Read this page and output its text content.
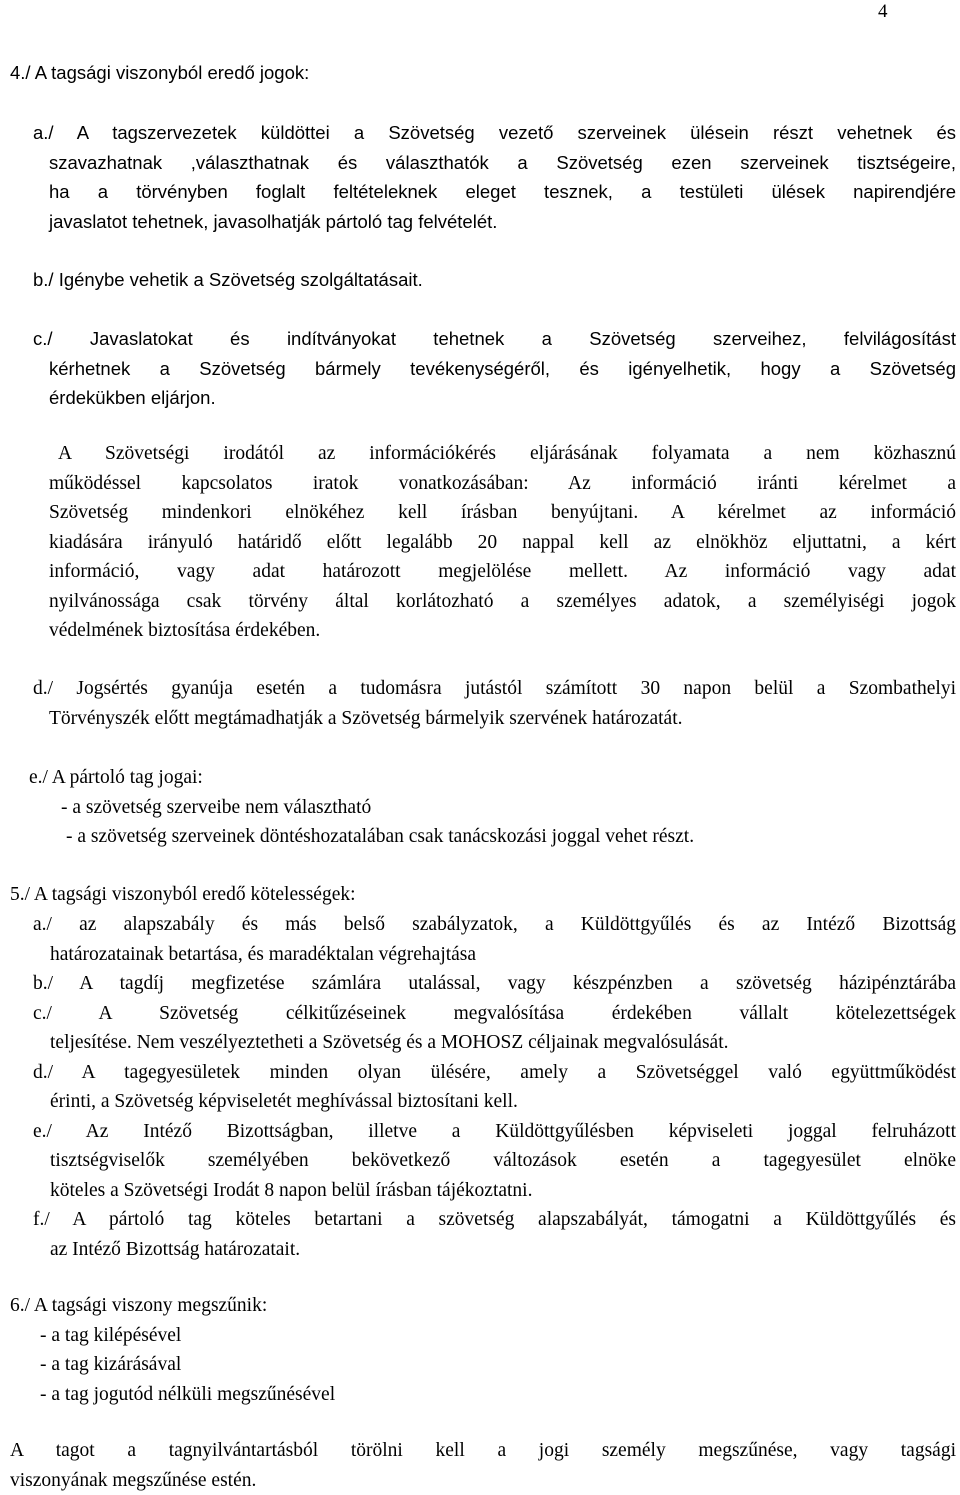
4

4./ A tagsági viszonyból eredő jogok:

a./ A tagszervezetek küldöttei a Szövetség vezető szerveinek ülésein részt vehetnek és
szavazhatnak ,választhatnak és választhatók a Szövetség ezen szerveinek tisztségeire,
ha a törvényben foglalt feltételeknek eleget tesznek, a testületi ülések napirendjére
javaslatot tehetnek, javasolhatják pártoló tag felvételét.

b./ Igénybe vehetik a Szövetség szolgáltatásait.

c./ Javaslatokat és indítványokat tehetnek a Szövetség szerveihez, felvilágosítást
kérhetnek a Szövetség bármely tevékenységéről, és igényelhetik, hogy a Szövetség
érdekükben eljárjon.
A Szövetségi irodától az információkérés eljárásának folyamata a nem közhasznú
működéssel kapcsolatos iratok vonatkozásában: Az információ iránti kérelmet a
Szövetség mindenkori elnökéhez kell írásban benyújtani. A kérelmet az információ
kiadására irányuló határidő előtt legalább 20 nappal kell az elnökhöz eljuttatni, a kért
információ, vagy adat határozott megjelölése mellett. Az információ vagy adat
nyilvánossága csak törvény által korlátozható a személyes adatok, a személyiségi jogok
védelmének biztosítása érdekében.
d./ Jogsértés gyanúja esetén a tudomásra jutástól számított 30 napon belül a Szombathelyi
Törvényszék előtt megtámadhatják a Szövetség bármelyik szervének határozatát.
e./ A pártoló tag jogai:
- a szövetség szerveibe nem választható
- a szövetség szerveinek döntéshozatalában csak tanácskozási joggal vehet részt.

5./ A tagsági viszonyból eredő kötelességek:

a./ az alapszabály és más belső szabályzatok, a Küldöttgyűlés és az Intéző Bizottság
határozatainak betartása, és maradéktalan végrehajtása
b./ A tagdíj megfizetése számlára utalással, vagy készpénzben a szövetség házipénztárába
c./ A Szövetség célkitűzéseinek megvalósítása érdekében vállalt kötelezettségek
teljesítése. Nem veszélyeztetheti a Szövetség és a MOHOSZ céljainak megvalósulását.
d./ A tagegyesületek minden olyan ülésére, amely a Szövetséggel való együttműködést
érinti, a Szövetség képviseletét meghívással biztosítani kell.
e./ Az Intéző Bizottságban, illetve a Küldöttgyűlésben képviseleti joggal felruházott
tisztségviselők személyében bekövetkező változások esetén a tagegyesület elnöke
köteles a Szövetségi Irodát 8 napon belül írásban tájékoztatni.
f./ A pártoló tag köteles betartani a szövetség alapszabályát, támogatni a Küldöttgyűlés és
az Intéző Bizottság határozatait.
6./ A tagsági viszony megszűnik:
- a tag kilépésével
- a tag kizárásával
- a tag jogutód nélküli megszűnésével
A tagot a tagnyilvántartásból törölni kell a jogi személy megszűnése, vagy tagsági
viszonyának megszűnése estén.
